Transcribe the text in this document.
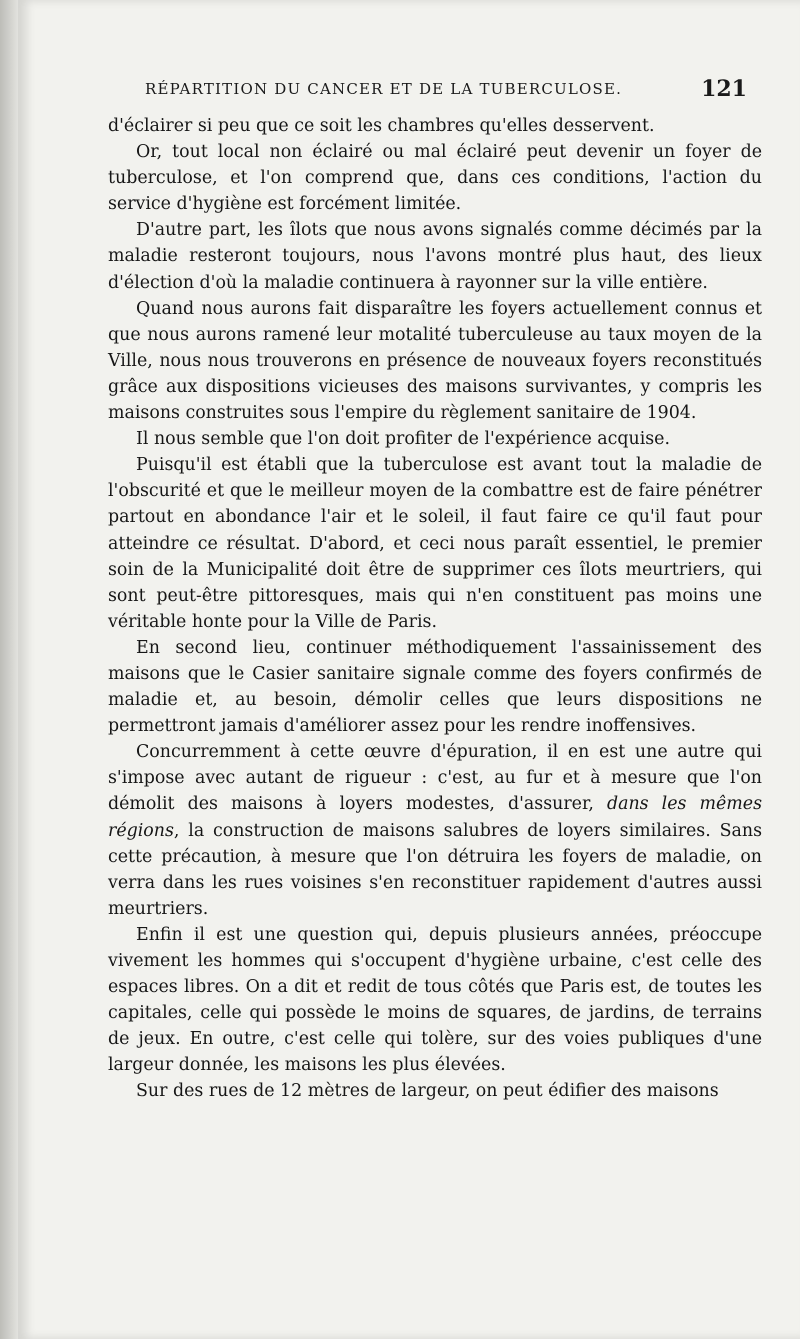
RÉPARTITION DU CANCER ET DE LA TUBERCULOSE.	121

d'éclairer si peu que ce soit les chambres qu'elles desservent.

Or, tout local non éclairé ou mal éclairé peut devenir un foyer de tuberculose, et l'on comprend que, dans ces conditions, l'action du service d'hygiène est forcément limitée.

D'autre part, les îlots que nous avons signalés comme décimés par la maladie resteront toujours, nous l'avons montré plus haut, des lieux d'élection d'où la maladie continuera à rayonner sur la ville entière.

Quand nous aurons fait disparaître les foyers actuellement connus et que nous aurons ramené leur motalité tuberculeuse au taux moyen de la Ville, nous nous trouverons en présence de nouveaux foyers reconstitués grâce aux dispositions vicieuses des maisons survivantes, y compris les maisons construites sous l'empire du règlement sanitaire de 1904.

Il nous semble que l'on doit profiter de l'expérience acquise.

Puisqu'il est établi que la tuberculose est avant tout la maladie de l'obscurité et que le meilleur moyen de la combattre est de faire pénétrer partout en abondance l'air et le soleil, il faut faire ce qu'il faut pour atteindre ce résultat. D'abord, et ceci nous paraît essentiel, le premier soin de la Municipalité doit être de supprimer ces îlots meurtriers, qui sont peut-être pittoresques, mais qui n'en constituent pas moins une véritable honte pour la Ville de Paris.

En second lieu, continuer méthodiquement l'assainissement des maisons que le Casier sanitaire signale comme des foyers confirmés de maladie et, au besoin, démolir celles que leurs dispositions ne permettront jamais d'améliorer assez pour les rendre inoffensives.

Concurremment à cette œuvre d'épuration, il en est une autre qui s'impose avec autant de rigueur : c'est, au fur et à mesure que l'on démolit des maisons à loyers modestes, d'assurer, dans les mêmes régions, la construction de maisons salubres de loyers similaires. Sans cette précaution, à mesure que l'on détruira les foyers de maladie, on verra dans les rues voisines s'en reconstituer rapidement d'autres aussi meurtriers.

Enfin il est une question qui, depuis plusieurs années, préoccupe vivement les hommes qui s'occupent d'hygiène urbaine, c'est celle des espaces libres. On a dit et redit de tous côtés que Paris est, de toutes les capitales, celle qui possède le moins de squares, de jardins, de terrains de jeux. En outre, c'est celle qui tolère, sur des voies publiques d'une largeur donnée, les maisons les plus élevées.

Sur des rues de 12 mètres de largeur, on peut édifier des maisons
